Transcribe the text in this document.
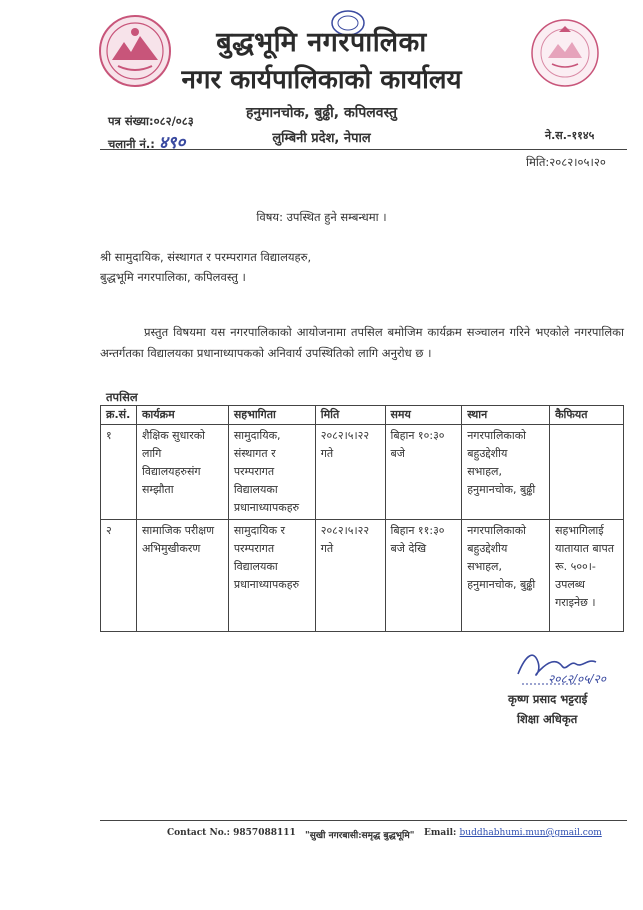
बुद्धभूमि नगरपालिका
नगर कार्यपालिकाको कार्यालय
हनुमानचोक, बुढ्ढी, कपिलवस्तु
लुम्बिनी प्रदेश, नेपाल
पत्र संख्या:०८२/०८३
चलानी नं.: ४९०	ने.स.-११४५
मिति:२०८२।०५।२०
विषय: उपस्थित हुने सम्बन्धमा ।
श्री सामुदायिक, संस्थागत र परम्परागत विद्यालयहरु,
बुद्धभूमि नगरपालिका, कपिलवस्तु ।
प्रस्तुत विषयमा यस नगरपालिकाको आयोजनामा तपसिल बमोजिम कार्यक्रम सञ्चालन गरिने भएकोले नगरपालिका अन्तर्गतका विद्यालयका प्रधानाध्यापकको अनिवार्य उपस्थितिको लागि अनुरोध छ ।
तपसिल
क्र.सं.	कार्यक्रम	सहभागिता	मिति	समय	स्थान	कैफियत
१	शैक्षिक सुधारको लागि विद्यालयहरुसंग सम्झौता	सामुदायिक, संस्थागत र परम्परागत विद्यालयका प्रधानाध्यापकहरु	२०८२।५।२२ गते	बिहान १०:३० बजे	नगरपालिकाको बहुउद्देशीय सभाहल, हनुमानचोक, बुढ्ढी	
२	सामाजिक परीक्षण अभिमुखीकरण	सामुदायिक र परम्परागत विद्यालयका प्रधानाध्यापकहरु	२०८२।५।२२ गते	बिहान ११:३० बजे देखि	नगरपालिकाको बहुउद्देशीय सभाहल, हनुमानचोक, बुढ्ढी	सहभागिलाई यातायात बापत रू. ५००।- उपलब्ध गराइनेछ ।
२०८२/०५/२०
कृष्ण प्रसाद भट्टराई
शिक्षा अधिकृत
Contact No.: 9857088111 "सुखी नगरबासी:समृद्ध बुद्धभूमि" Email: buddhabhumi.mun@gmail.com
